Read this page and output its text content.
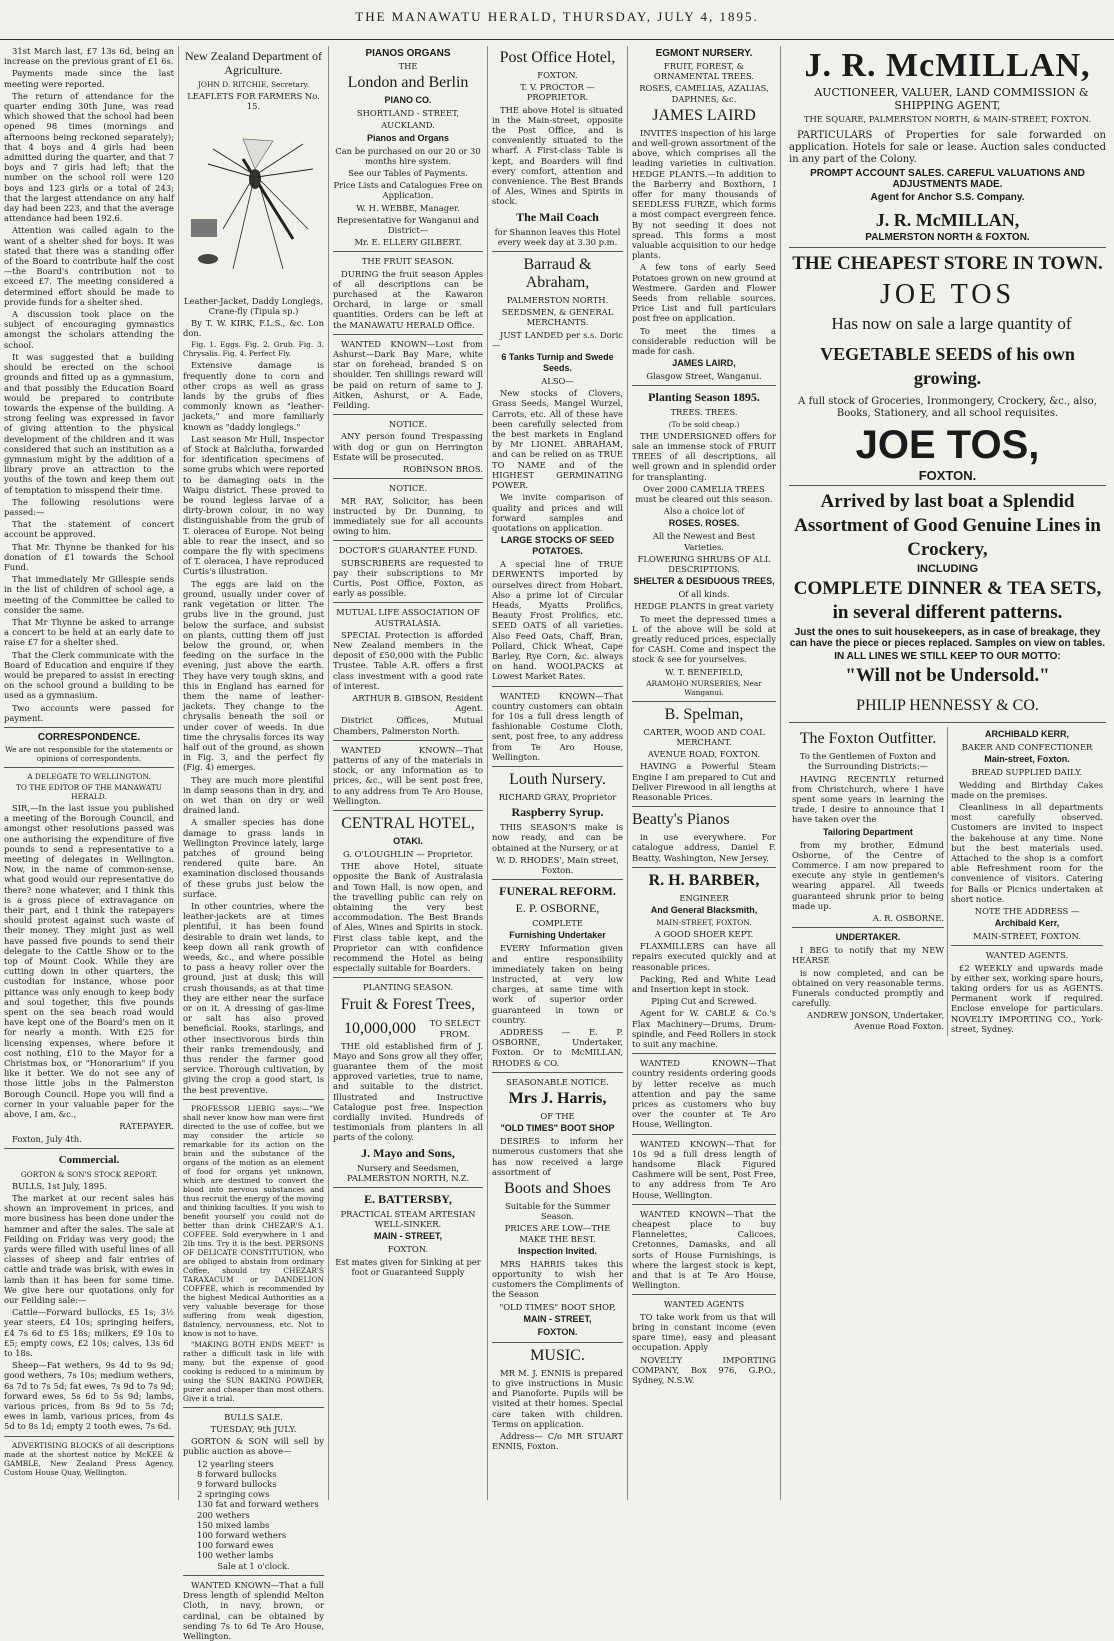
THE MANAWATU HERALD, THURSDAY, JULY 4, 1895.

31st March last, £7 13s 6d, being an increase on the previous grant of £1 6s.

Payments made since the last meeting were reported.

The return of attendance for the quarter ending 30th June, was read which showed that the school had been opened 98 times (mornings and afternoons being reckoned separately); that 4 boys and 4 girls had been admitted during the quarter, and that 7 boys and 7 girls had left; that the number on the school roll were 120 boys and 123 girls or a total of 243; that the largest attendance on any half day had been 223, and that the average attendance had been 192.6.

Attention was called again to the want of a shelter shed for boys. It was stated that there was a standing offer of the Board to contribute half the cost—the Board's contribution not to exceed £7. The meeting considered a determined effort should be made to provide funds for a shelter shed.

A discussion took place on the subject of encouraging gymnastics amongst the scholars attending the school.

It was suggested that a building should be erected on the school grounds and fitted up as a gymnasium, and that possibly the Education Board would be prepared to contribute towards the expense of the building. A strong feeling was expressed in favor of giving attention to the physical development of the children and it was considered that such an institution as a gymnasium might by the addition of a library prove an attraction to the youths of the town and keep them out of temptation to misspend their time.

The following resolutions were passed:—

That the statement of concert account be approved.

That Mr. Thynne be thanked for his donation of £1 towards the School Fund.

That immediately Mr Gillespie sends in the list of children of school age, a meeting of the Committee be called to consider the same.

That Mr Thynne be asked to arrange a concert to be held at an early date to raise £7 for a shelter shed.

That the Clerk communicate with the Board of Education and enquire if they would be prepared to assist in erecting on the school ground a building to be used as a gymnasium.

Two accounts were passed for payment.

CORRESPONDENCE.

We are not responsible for the statements or opinions of correspondents.

A DELEGATE TO WELLINGTON.

TO THE EDITOR OF THE MANAWATU HERALD.

SIR,—In the last issue you published a meeting of the Borough Council, and amongst other resolutions passed was one authorising the expenditure of five pounds to send a representative to a meeting of delegates in Wellington. Now, in the name of common-sense, what good would our representative do there? none whatever, and I think this is a gross piece of extravagance on their part, and I think the ratepayers should protest against such waste of their money. They might just as well have passed five pounds to send their delegate to the Cattle Show or to the top of Mount Cook. While they are cutting down in other quarters, the custodian for instance, whose poor pittance was only enough to keep body and soul together, this five pounds spent on the sea beach road would have kept one of the Board's men on it for nearly a month. With £25 for licensing expenses, where before it cost nothing, £10 to the Mayor for a Christmas box, or "Honorarium" if you like it better. We do not see any of those little jobs in the Palmerston Borough Council. Hope you will find a corner in your valuable paper for the above, I am, &c.,

RATEPAYER.

Foxton, July 4th.

Commercial.

GORTON & SON'S STOCK REPORT.

BULLS, 1st July, 1895.

The market at our recent sales has shown an improvement in prices, and more business has been done under the hammer and after the sales. The sale at Feilding on Friday was very good; the yards were filled with useful lines of all classes of sheep and fair entries of cattle and trade was brisk, with ewes in lamb than it has been for some time. We give here our quotations only for our Feilding sale:—

Cattle—Forward bullocks, £5 1s; 3½ year steers, £4 10s; springing heifers, £4 7s 6d to £5 18s; milkers, £9 10s to £5; empty cows, £2 10s; calves, 13s 6d to 18s.

Sheep—Fat wethers, 9s 4d to 9s 9d; good wethers, 7s 10s; medium wethers, 6s 7d to 7s 5d; fat ewes, 7s 9d to 7s 9d; forward ewes, 5s 6d to 5s 9d; lambs, various prices, from 8s 9d to 5s 7d; ewes in lamb, various prices, from 4s 5d to 8s 1d; empty 2 tooth ewes, 7s 6d.

ADVERTISING BLOCKS of all descriptions made at the shortest notice by McKEE & GAMBLE, New Zealand Press Agency, Custom House Quay, Wellington.

New Zealand Department of Agriculture.

JOHN D. RITCHIE, Secretary.

LEAFLETS FOR FARMERS No. 15.

Leather-Jacket, Daddy Longlegs, Crane-fly (Tipula sp.)

By T. W. KIRK, F.L.S., &c. Lon don.

Fig. 1. Eggs. Fig. 2. Grub. Fig. 3. Chrysalis. Fig. 4. Perfect Fly.

Extensive damage is frequently done to corn and other crops as well as grass lands by the grubs of flies commonly known as "leather-jackets," and more familiarly known as "daddy longlegs."

Last season Mr Hull, Inspector of Stock at Balclutha, forwarded for identification specimens of some grubs which were reported to be damaging oats in the Waipu district. These proved to be round legless larvae of a dirty-brown colour, in no way distinguishable from the grub of T. oleracea of Europe. Not being able to rear the insect, and so compare the fly with specimens of T. oleracea, I have reproduced Curtis's illustration.

The eggs are laid on the ground, usually under cover of rank vegetation or litter. The grubs live in the ground, just below the surface, and subsist on plants, cutting them off just below the ground, or, when feeding on the surface in the evening, just above the earth. They have very tough skins, and this in England has earned for them the name of leather-jackets. They change to the chrysalis beneath the soil or under cover of weeds. In due time the chrysalis forces its way half out of the ground, as shown in Fig. 3, and the perfect fly (Fig. 4) emerges.

They are much more plentiful in damp seasons than in dry, and on wet than on dry or well drained land.

A smaller species has done damage to grass lands in Wellington Province lately, large patches of ground being rendered quite bare. An examination disclosed thousands of these grubs just below the surface.

In other countries, where the leather-jackets are at times plentiful, it has been found desirable to drain wet lands, to keep down all rank growth of weeds, &c., and where possible to pass a heavy roller over the ground, just at dusk; this will crush thousands, as at that time they are either near the surface or on it. A dressing of gas-lime or salt has also proved beneficial. Rooks, starlings, and other insectivorous birds thin their ranks tremendously, and thus render the farmer good service. Thorough cultivation, by giving the crop a good start, is the best preventive.

PROFESSOR LIEBIG says:—"We shall never know how man were first directed to the use of coffee, but we may consider the article so remarkable for its action on the brain and the substance of the organs of the motion as an element of food for organs yet unknown, which are destined to convert the blood into nervous substances and thus recruit the energy of the moving and thinking faculties. If you wish to benefit yourself you could not do better than drink CHEZAR'S A.1. COFFEE. Sold everywhere in 1 and 2lb tins. Try it is the best. PERSONS OF DELICATE CONSTITUTION, who are obliged to abstain from ordinary Coffee, should try CHEZAR'S TARAXACUM or DANDELION COFFEE, which is recommended by the highest Medical Authorities as a very valuable beverage for those suffering from weak digestion, flatulency, nervousness, etc. Not to know is not to have.

"MAKING BOTH ENDS MEET" is rather a difficult task in life with many, but the expense of good cooking is reduced to a minimum by using the SUN BAKING POWDER, purer and cheaper than most others. Give it a trial.

BULLS SALE.

TUESDAY, 9th JULY.

GORTON & SON will sell by public auction as above—

12 yearling steers
8 forward bullocks
9 forward bullocks
2 springing cows
130 fat and forward wethers
200 wethers
150 mixed lambs
100 forward wethers
100 forward ewes
100 wether lambs

Sale at 1 o'clock.

WANTED KNOWN—That a full Dress length of splendid Melton Cloth, in navy, brown, or cardinal, can be obtained by sending 7s to 6d Te Aro House, Wellington.

PIANOS ORGANS

THE

London and Berlin
PIANO CO.

SHORTLAND - STREET,

AUCKLAND.

Pianos and Organs

Can be purchased on our 20 or 30 months hire system.

See our Tables of Payments.

Price Lists and Catalogues Free on Application.

W. H. WEBBE, Manager.

Representative for Wanganui and District—

Mr. E. ELLERY GILBERT.

THE FRUIT SEASON.

DURING the fruit season Apples of all descriptions can be purchased at the Kawaron Orchard, in large or small quantities. Orders can be left at the MANAWATU HERALD Office.

WANTED KNOWN—Lost from Ashurst—Dark Bay Mare, white star on forehead, branded S on shoulder. Ten shillings reward will be paid on return of same to J. Aitken, Ashurst, or A. Eade, Feilding.

NOTICE.

ANY person found Trespassing with dog or gun on Herrington Estate will be prosecuted.

ROBINSON BROS.

NOTICE.

MR RAY, Solicitor, has been instructed by Dr. Dunning, to immediately sue for all accounts owing to him.

DOCTOR'S GUARANTEE FUND.

SUBSCRIBERS are requested to pay their subscriptions to Mr Curtis, Post Office, Foxton, as early as possible.

MUTUAL LIFE ASSOCIATION OF AUSTRALASIA.

SPECIAL Protection is afforded New Zealand members in the deposit of £50,000 with the Public Trustee. Table A.R. offers a first class investment with a good rate of interest.

ARTHUR B. GIBSON, Resident Agent.

District Offices, Mutual Chambers, Palmerston North.

WANTED KNOWN—That patterns of any of the materials in stock, or any information as to prices, &c., will be sent post free, to any address from Te Aro House, Wellington.

CENTRAL HOTEL,
OTAKI.

G. O'LOUGHLIN — Proprietor.

THE above Hotel, situate opposite the Bank of Australasia and Town Hall, is now open, and the travelling public can rely on obtaining the very best accommodation. The Best Brands of Ales, Wines and Spirits in stock. First class table kept, and the Proprietor can with confidence recommend the Hotel as being especially suitable for Boarders.

PLANTING SEASON.

Fruit & Forest Trees,
10,000,000	TO SELECT FROM.

THE old established firm of J. Mayo and Sons grow all they offer, guarantee them of the most approved varieties, true to name, and suitable to the district. Illustrated and Instructive Catalogue post free. Inspection cordially invited. Hundreds of testimonials from planters in all parts of the colony.

J. Mayo and Sons,

Nursery and Seedsmen, PALMERSTON NORTH, N.Z.

E. BATTERSBY,

PRACTICAL STEAM ARTESIAN WELL-SINKER.

MAIN - STREET,

FOXTON.

Est mates given for Sinking at per foot or Guaranteed Supply

Post Office Hotel,

FOXTON.

T. V. PROCTOR — PROPRIETOR.

THE above Hotel is situated in the Main-street, opposite the Post Office, and is conveniently situated to the wharf. A First-class Table is kept, and Boarders will find every comfort, attention and convenience. The Best Brands of Ales, Wines and Spirits in stock.

The Mail Coach

for Shannon leaves this Hotel every week day at 3.30 p.m.

Barraud & Abraham,

PALMERSTON NORTH.

SEEDSMEN, & GENERAL MERCHANTS.

JUST LANDED per s.s. Doric—

6 Tanks Turnip and Swede Seeds.

ALSO—

New stocks of Clovers, Grass Seeds, Mangel Wurzel, Carrots, etc. All of these have been carefully selected from the best markets in England by Mr LIONEL ABRAHAM, and can be relied on as TRUE TO NAME and of the HIGHEST GERMINATING POWER.

We invite comparison of quality and prices and will forward samples and quotations on application.

LARGE STOCKS OF SEED POTATOES.

A special line of TRUE DERWENTS imported by ourselves direct from Hobart. Also a prime lot of Circular Heads, Myatts Prolifics, Beauty Frost Prolifics, etc. SEED OATS of all varieties. Also Feed Oats, Chaff, Bran, Pollard, Chick Wheat, Cape Barley, Rye Corn, &c. always on hand. WOOLPACKS at Lowest Market Rates.

WANTED KNOWN—That country customers can obtain for 10s a full dress length of fashionable Costume Cloth, sent, post free, to any address from Te Aro House, Wellington.

Louth Nursery.

RICHARD GRAY, Proprietor

Raspberry Syrup.

THIS SEASON'S make is now ready, and can be obtained at the Nursery, or at

W. D. RHODES', Main street, Foxton.

FUNERAL REFORM.
E. P. OSBORNE,

COMPLETE

Furnishing Undertaker

EVERY Information given and entire responsibility immediately taken on being instructed, at very low charges, at same time with work of superior order guaranteed in town or country.

ADDRESS — E. P. OSBORNE, Undertaker, Foxton. Or to McMILLAN, RHODES & CO.

SEASONABLE NOTICE.

Mrs J. Harris,

OF THE

"OLD TIMES" BOOT SHOP

DESIRES to inform her numerous customers that she has now received a large assortment of

Boots and Shoes

Suitable for the Summer Season.

PRICES ARE LOW—THE MAKE THE BEST.

Inspection Invited.

MRS HARRIS takes this opportunity to wish her customers the Compliments of the Season

"OLD TIMES" BOOT SHOP,

MAIN - STREET,
FOXTON.
MUSIC.

MR M. J. ENNIS is prepared to give instructions in Music and Pianoforte. Pupils will be visited at their homes. Special care taken with children. Terms on application.

Address— C/o MR STUART ENNIS, Foxton.

EGMONT NURSERY.

FRUIT, FOREST, & ORNAMENTAL TREES.

ROSES, CAMELIAS, AZALIAS, DAPHNES, &c.

JAMES LAIRD

INVITES inspection of his large and well-grown assortment of the above, which comprises all the leading varieties in cultivation. HEDGE PLANTS.—In addition to the Barberry and Boxthorn, I offer for many thousands of SEEDLESS FURZE, which forms a most compact evergreen fence. By not seeding it does not spread. This forms a most valuable acquisition to our hedge plants.

A few tons of early Seed Potatoes grown on new ground at Westmere. Garden and Flower Seeds from reliable sources. Price List and full particulars post free on application.

To meet the times a considerable reduction will be made for cash.

JAMES LAIRD,

Glasgow Street, Wanganui.

Planting Season 1895.

TREES. TREES.

(To be sold cheap.)

THE UNDERSIGNED offers for sale an immense stock of FRUIT TREES of all descriptions, all well grown and in splendid order for transplanting.

Over 2000 CAMELIA TREES must be cleared out this season.

Also a choice lot of

ROSES. ROSES.

All the Newest and Best Varieties.

FLOWERING SHRUBS OF ALL DESCRIPTIONS.

SHELTER & DESIDUOUS TREES,

Of all kinds.

HEDGE PLANTS in great variety

To meet the depressed times a L of the above will be sold at greatly reduced prices, especially for CASH. Come and inspect the stock & see for yourselves.

W. T. BENEFIELD,

ARAMOHO NURSERIES, Near Wanganui.

B. Spelman,

CARTER, WOOD AND COAL MERCHANT.

AVENUE ROAD, FOXTON.

HAVING a Powerful Steam Engine I am prepared to Cut and Deliver Firewood in all lengths at Reasonable Prices.

Beatty's Pianos

in use everywhere. For catalogue address, Daniel F. Beatty, Washington, New Jersey.

R. H. BARBER,

ENGINEER

And General Blacksmith,

MAIN-STREET, FOXTON.

A GOOD SHOER KEPT.

FLAXMILLERS can have all repairs executed quickly and at reasonable prices.

Packing, Red and White Lead and Insertion kept in stock.

Piping Cut and Screwed.

Agent for W. CABLE & Co.'s Flax Machinery—Drums, Drum-spindle, and Feed Rollers in stock to suit any machine.

WANTED KNOWN—That country residents ordering goods by letter receive as much attention and pay the same prices as customers who buy over the counter at Te Aro House, Wellington.

WANTED KNOWN—That for 10s 9d a full dress length of handsome Black Figured Cashmere will be sent, Post Free, to any address from Te Aro House, Wellington.

WANTED KNOWN—That the cheapest place to buy Flannelettes, Calicoes, Cretonnes, Damasks, and all sorts of House Furnishings, is where the largest stock is kept, and that is at Te Aro House, Wellington.

WANTED AGENTS

TO take work from us that will bring in constant income (even spare time), easy and pleasant occupation. Apply

NOVELTY IMPORTING COMPANY, Box 976, G.P.O., Sydney, N.S.W.

J. R. McMILLAN,

AUCTIONEER, VALUER, LAND COMMISSION & SHIPPING AGENT,

THE SQUARE, PALMERSTON NORTH, & MAIN-STREET, FOXTON.

PARTICULARS of Properties for sale forwarded on application. Hotels for sale or lease. Auction sales conducted in any part of the Colony.

PROMPT ACCOUNT SALES. CAREFUL VALUATIONS AND ADJUSTMENTS MADE.
Agent for Anchor S.S. Company.
J. R. McMILLAN,
PALMERSTON NORTH & FOXTON.
THE CHEAPEST STORE IN TOWN.
JOE TOS

Has now on sale a large quantity of

VEGETABLE SEEDS of his own growing.

A full stock of Groceries, Ironmongery, Crockery, &c., also, Books, Stationery, and all school requisites.

JOE TOS,
FOXTON.
Arrived by last boat a Splendid Assortment of Good Genuine Lines in Crockery,
INCLUDING
COMPLETE DINNER & TEA SETS, in several different patterns.
Just the ones to suit housekeepers, as in case of breakage, they can have the piece or pieces replaced. Samples on view on tables.
IN ALL LINES WE STILL KEEP TO OUR MOTTO:
"Will not be Undersold."
PHILIP HENNESSY & CO.
The Foxton Outfitter.

To the Gentlemen of Foxton and the Surrounding Districts:—

HAVING RECENTLY returned from Christchurch, where I have spent some years in learning the trade, I desire to announce that I have taken over the

Tailoring Department

from my brother, Edmund Osborne, of the Centre of Commerce. I am now prepared to execute any style in gentlemen's wearing apparel. All tweeds guaranteed shrunk prior to being made up.

A. R. OSBORNE.

UNDERTAKER.

I BEG to notify that my NEW HEARSE

is now completed, and can be obtained on very reasonable terms. Funerals conducted promptly and carefully.

ANDREW JONSON, Undertaker, Avenue Road Foxton.

ARCHIBALD KERR,

BAKER AND CONFECTIONER

Main-street, Foxton.

BREAD SUPPLIED DAILY.

Wedding and Birthday Cakes made on the premises.

Cleanliness in all departments most carefully observed. Customers are invited to inspect the bakehouse at any time. None but the best materials used. Attached to the shop is a comfort able Refreshment room for the convenience of visitors. Catering for Balls or Picnics undertaken at short notice.

NOTE THE ADDRESS —

Archibald Kerr,

MAIN-STREET, FOXTON.

WANTED AGENTS.

£2 WEEKLY and upwards made by either sex, working spare hours, taking orders for us as AGENTS. Permanent work if required. Enclose envelope for particulars. NOVELTY IMPORTING CO., York-street, Sydney.
